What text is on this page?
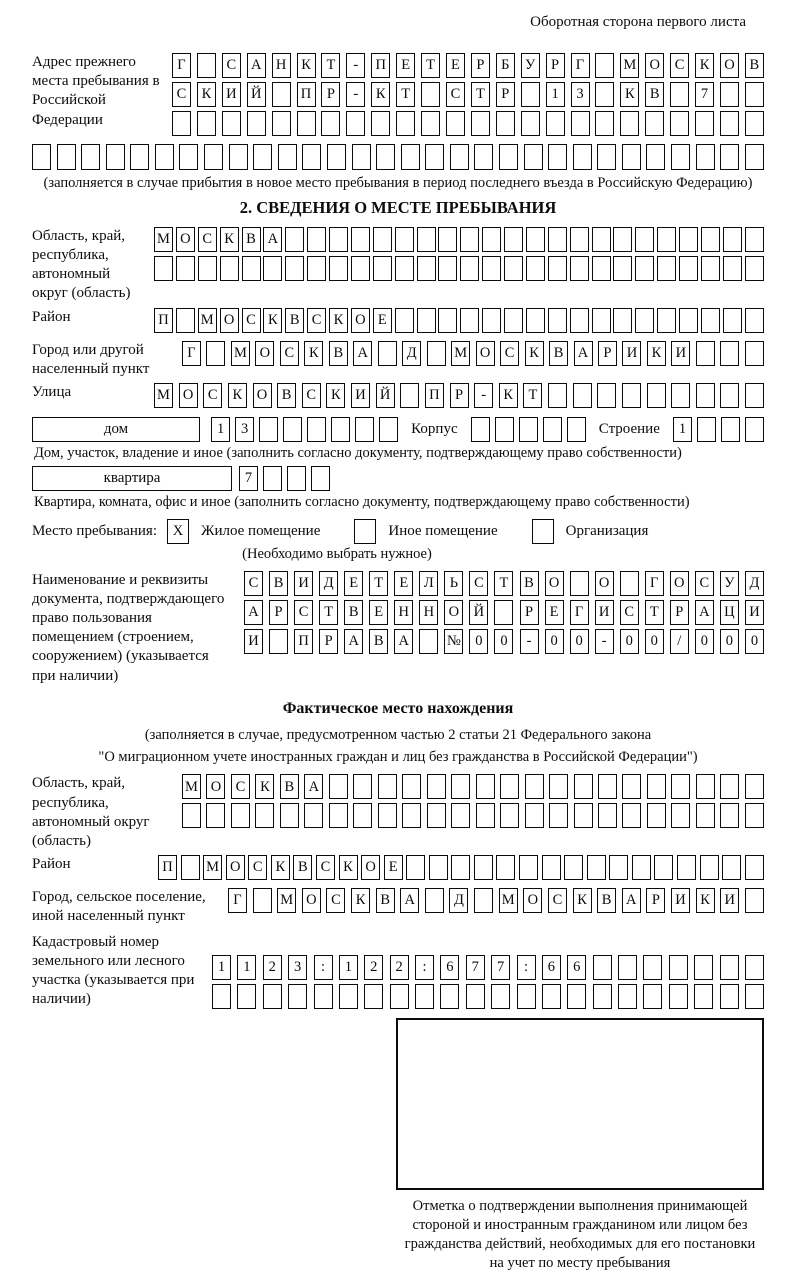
Оборотная сторона первого листа
Адрес прежнего места пребывания в Российской Федерации
Г	С	А Н	К	Т	-	П	Е	Т	Е	Р	Б	У	Р	Г	М О	С	К	О	В
С	К	И Й	П	Р	-	К	Т	С	Т	Р	1	3	К	В	7
(заполняется в случае прибытия в новое место пребывания в период последнего въезда в Российскую Федерацию)
2. СВЕДЕНИЯ О МЕСТЕ ПРЕБЫВАНИЯ
Область, край, республика, автономный округ (область)
М О С К В А
Район	П М О С К В С К О Е
Город или другой населенный пункт
Г	М О С	К	В А	Д	М О С	К	В А	Р	И К И
Улица	М О	С	К	О	В	С	К	И Й	П	Р	-	К	Т
дом	1	3	Корпус	Строение	1
Дом, участок, владение и иное (заполнить согласно документу, подтверждающему право собственности)
квартира	7
Квартира, комната, офис и иное (заполнить согласно документу, подтверждающему право собственности)
Место пребывания:	X	Жилое помещение	Иное помещение	Организация
(Необходимо выбрать нужное)
Наименование и реквизиты документа, подтверждающего право пользования помещением (строением, сооружением) (указывается при наличии)
С	В	И	Д	Е	Т	Е	Л	Ь	С	Т	В	О	О	Г	О	С	У	Д
А	Р	С	Т	В	Е	Н Н О Й	Р	Е	Г	И	С	Т	Р	А Ц И
И	П	Р	А	В	А	№	0	0	-	0	0	-	0	0	/	0	0	0
Фактическое место нахождения
(заполняется в случае, предусмотренном частью 2 статьи 21 Федерального закона
"О миграционном учете иностранных граждан и лиц без гражданства в Российской Федерации")
Область, край, республика, автономный округ (область)
М О С	К	В А
Район	П М О С К В С К О Е
Город, сельское поселение, иной населенный пункт
Г	М О	С	К	В	А	Д	М О	С	К	В	А	Р	И	К	И
Кадастровый номер земельного или лесного участка (указывается при наличии)
1	1	2	3	:	1	2	2	:	6	7	7	:	6	6
Отметка о подтверждении выполнения принимающей стороной и иностранным гражданином или лицом без гражданства действий, необходимых для его постановки на учет по месту пребывания
